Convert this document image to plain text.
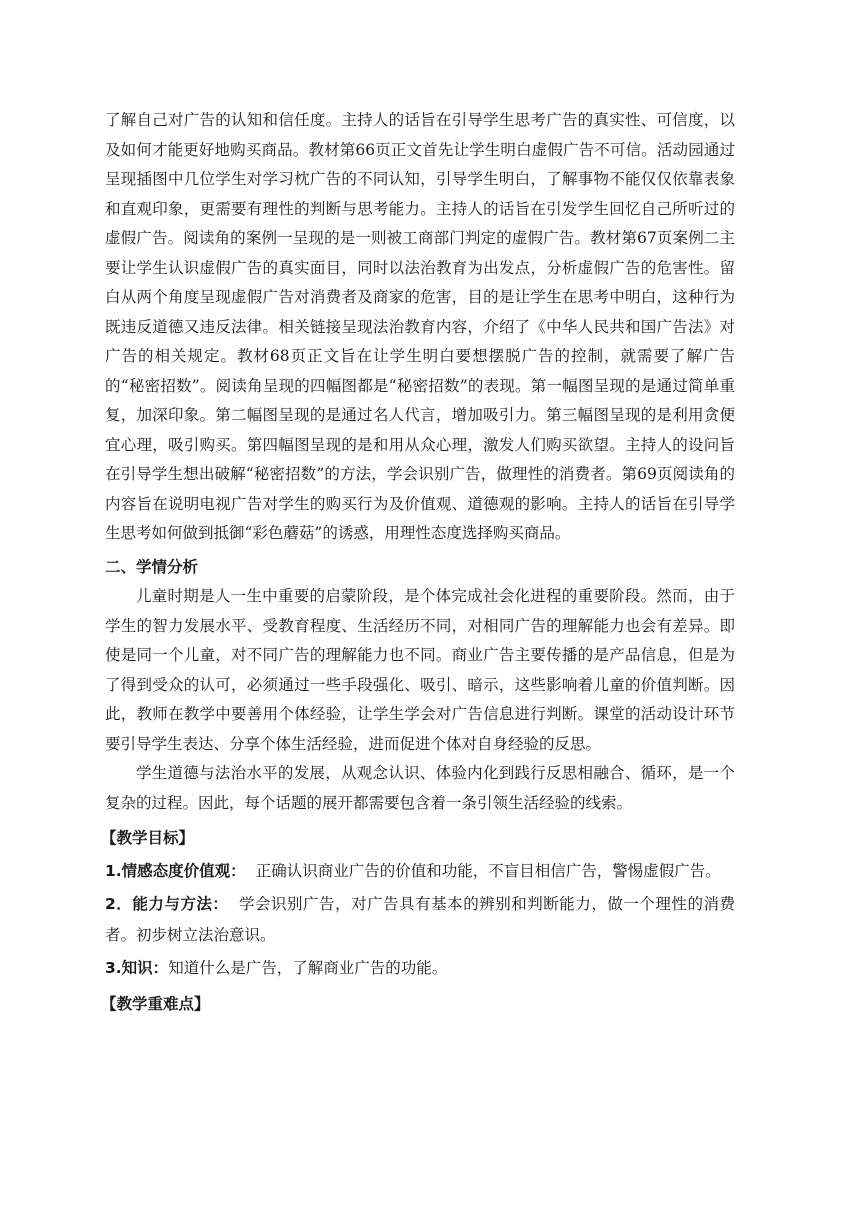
了解自己对广告的认知和信任度。主持人的话旨在引导学生思考广告的真实性、可信度，以及如何才能更好地购买商品。教材第66页正文首先让学生明白虚假广告不可信。活动园通过呈现插图中几位学生对学习枕广告的不同认知，引导学生明白，了解事物不能仅仅依靠表象和直观印象，更需要有理性的判断与思考能力。主持人的话旨在引发学生回忆自己所听过的虚假广告。阅读角的案例一呈现的是一则被工商部门判定的虚假广告。教材第67页案例二主要让学生认识虚假广告的真实面目，同时以法治教育为出发点，分析虚假广告的危害性。留白从两个角度呈现虚假广告对消费者及商家的危害，目的是让学生在思考中明白，这种行为既违反道德又违反法律。相关链接呈现法治教育内容，介绍了《中华人民共和国广告法》对广告的相关规定。教材68页正文旨在让学生明白要想摆脱广告的控制，就需要了解广告的“秘密招数”。阅读角呈现的四幅图都是“秘密招数”的表现。第一幅图呈现的是通过简单重复，加深印象。第二幅图呈现的是通过名人代言，增加吸引力。第三幅图呈现的是利用贪便宜心理，吸引购买。第四幅图呈现的是和用从众心理，激发人们购买欲望。主持人的设问旨在引导学生想出破解“秘密招数”的方法，学会识别广告，做理性的消费者。第69页阅读角的内容旨在说明电视广告对学生的购买行为及价值观、道德观的影响。主持人的话旨在引导学生思考如何做到抵御“彩色蘑菇”的诱惑，用理性态度选择购买商品。

二、学情分析

儿童时期是人一生中重要的启蒙阶段，是个体完成社会化进程的重要阶段。然而，由于学生的智力发展水平、受教育程度、生活经历不同，对相同广告的理解能力也会有差异。即使是同一个儿童，对不同广告的理解能力也不同。商业广告主要传播的是产品信息，但是为了得到受众的认可，必须通过一些手段强化、吸引、暗示，这些影响着儿童的价值判断。因此，教师在教学中要善用个体经验，让学生学会对广告信息进行判断。课堂的活动设计环节要引导学生表达、分享个体生活经验，进而促进个体对自身经验的反思。

学生道德与法治水平的发展，从观念认识、体验内化到践行反思相融合、循环，是一个复杂的过程。因此，每个话题的展开都需要包含着一条引领生活经验的线索。

【教学目标】

1.情感态度价值观： 正确认识商业广告的价值和功能，不盲目相信广告，警惕虚假广告。

2．能力与方法： 学会识别广告，对广告具有基本的辨别和判断能力，做一个理性的消费者。初步树立法治意识。

3.知识：知道什么是广告，了解商业广告的功能。

【教学重难点】
